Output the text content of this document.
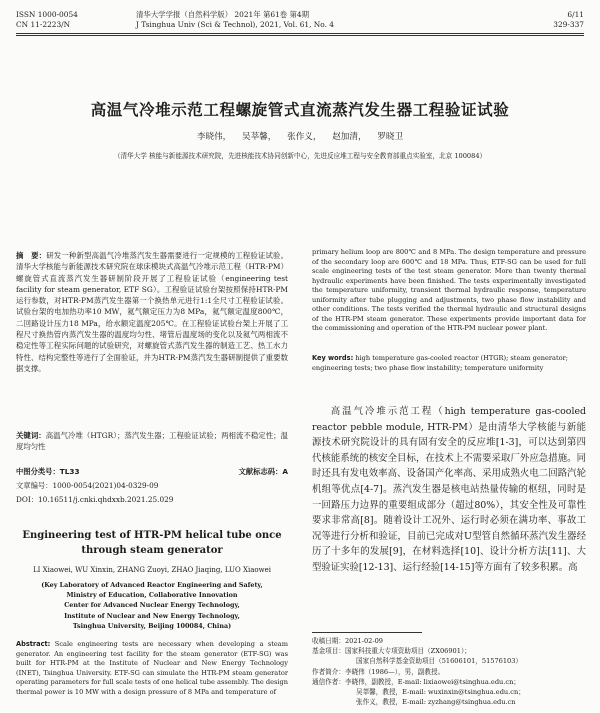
ISSN 1000-0054
CN 11-2223/N
清华大学学报（自然科学版） 2021年 第61卷 第4期
J Tsinghua Univ (Sci & Technol), 2021, Vol. 61, No. 4
6/11
329-337
高温气冷堆示范工程螺旋管式直流蒸汽发生器工程验证试验
李晓伟， 吴莘馨， 张作义， 赵加清， 罗晓卫
（清华大学 核能与新能源技术研究院，先进核能技术协同创新中心，先进反应堆工程与安全教育部重点实验室，北京 100084）
摘　要：研发一种新型高温气冷堆蒸汽发生器需要进行一定规模的工程验证试验。清华大学核能与新能源技术研究院在球床模块式高温气冷堆示范工程（HTR-PM）螺旋管式直流蒸汽发生器研制阶段开展了工程验证试验（engineering test facility for steam generator, ETF SG）。工程验证试验台架按照保持HTR-PM运行参数，对HTR-PM蒸汽发生器第一个换热单元进行1:1全尺寸工程验证试验。试验台架的电加热功率10 MW，氦气额定压力为8 MPa，氦气额定温度800℃，二回路设计压力18 MPa，给水额定温度205℃。在工程验证试验台架上开展了工程尺寸换热管内蒸汽发生器的温度均匀性、堵管后温度场的变化以及氦气两相流不稳定性等工程实际问题的试验研究，对螺旋管式蒸汽发生器的制造工艺、热工水力特性、结构完整性等进行了全面验证，并为HTR-PM蒸汽发生器研制提供了重要数据支撑。
关键词：高温气冷堆（HTGR）；蒸汽发生器；工程验证试验；两相流不稳定性；温度均匀性
中图分类号：TL33	文献标志码：A
文章编号：1000-0054(2021)04-0329-09
DOI：10.16511/j.cnki.qhdxxb.2021.25.029
Engineering test of HTR-PM helical tube once through steam generator
LI Xiaowei, WU Xinxin, ZHANG Zuoyi, ZHAO Jiaqing, LUO Xiaowei
(Key Laboratory of Advanced Reactor Engineering and Safety,
Ministry of Education, Collaborative Innovation
Center for Advanced Nuclear Energy Technology,
Institute of Nuclear and New Energy Technology,
Tsinghua University, Beijing 100084, China)
Abstract: Scale engineering tests are necessary when developing a steam generator. An engineering test facility for the steam generator (ETF-SG) was built for HTR-PM at the Institute of Nuclear and New Energy Technology (INET), Tsinghua University. ETF-SG can simulate the HTR-PM steam generator operating parameters for full scale tests of one helical tube assembly. The design thermal power is 10 MW with a design pressure of 8 MPa and temperature of
primary helium loop are 800℃ and 8 MPa. The design temperature and pressure of the secondary loop are 600℃ and 18 MPa. Thus, ETF-SG can be used for full scale engineering tests of the test steam generator. More than twenty thermal hydraulic experiments have been finished. The tests experimentally investigated the temperature uniformity, transient thermal hydraulic response, temperature uniformity after tube plugging and adjustments, two phase flow instability and other conditions. The tests verified the thermal hydraulic and structural designs of the HTR-PM steam generator. These experiments provide important data for the commissioning and operation of the HTR-PM nuclear power plant.
Key words: high temperature gas-cooled reactor (HTGR); steam generator; engineering tests; two phase flow instability; temperature uniformity
高温气冷堆示范工程（high temperature gas-cooled reactor pebble module, HTR-PM）是由清华大学核能与新能源技术研究院设计的具有固有安全的反应堆[1-3]，可以达到第四代核能系统的核安全目标，在技术上不需要采取厂外应急措施。同时还具有发电效率高、设备国产化率高、采用成熟火电二回路汽轮机组等优点[4-7]。蒸汽发生器是核电站热量传输的枢纽，同时是一回路压力边界的重要组成部分（超过80%），其安全性及可靠性要求非常高[8]。随着设计工况外、运行时必须在满功率、事故工况等进行分析和验证，目前已完成对U型管自然循环蒸汽发生器经历了十多年的发展[9]，在材料选择[10]、设计分析方法[11]、大型验证实验[12-13]、运行经验[14-15]等方面有了较多积累。高
收稿日期：2021-02-09
基金项目：国家科技重大专项资助项目（ZX06901）；
国家自然科学基金资助项目（51606101，51576103）
作者简介：李晓伟（1986—），男，副教授。
通信作者：李晓伟，副教授，E-mail: lixiaowei@tsinghua.edu.cn；
吴莘馨，教授，E-mail: wuxinxin@tsinghua.edu.cn；
张作义，教授，E-mail: zyzhang@tsinghua.edu.cn
